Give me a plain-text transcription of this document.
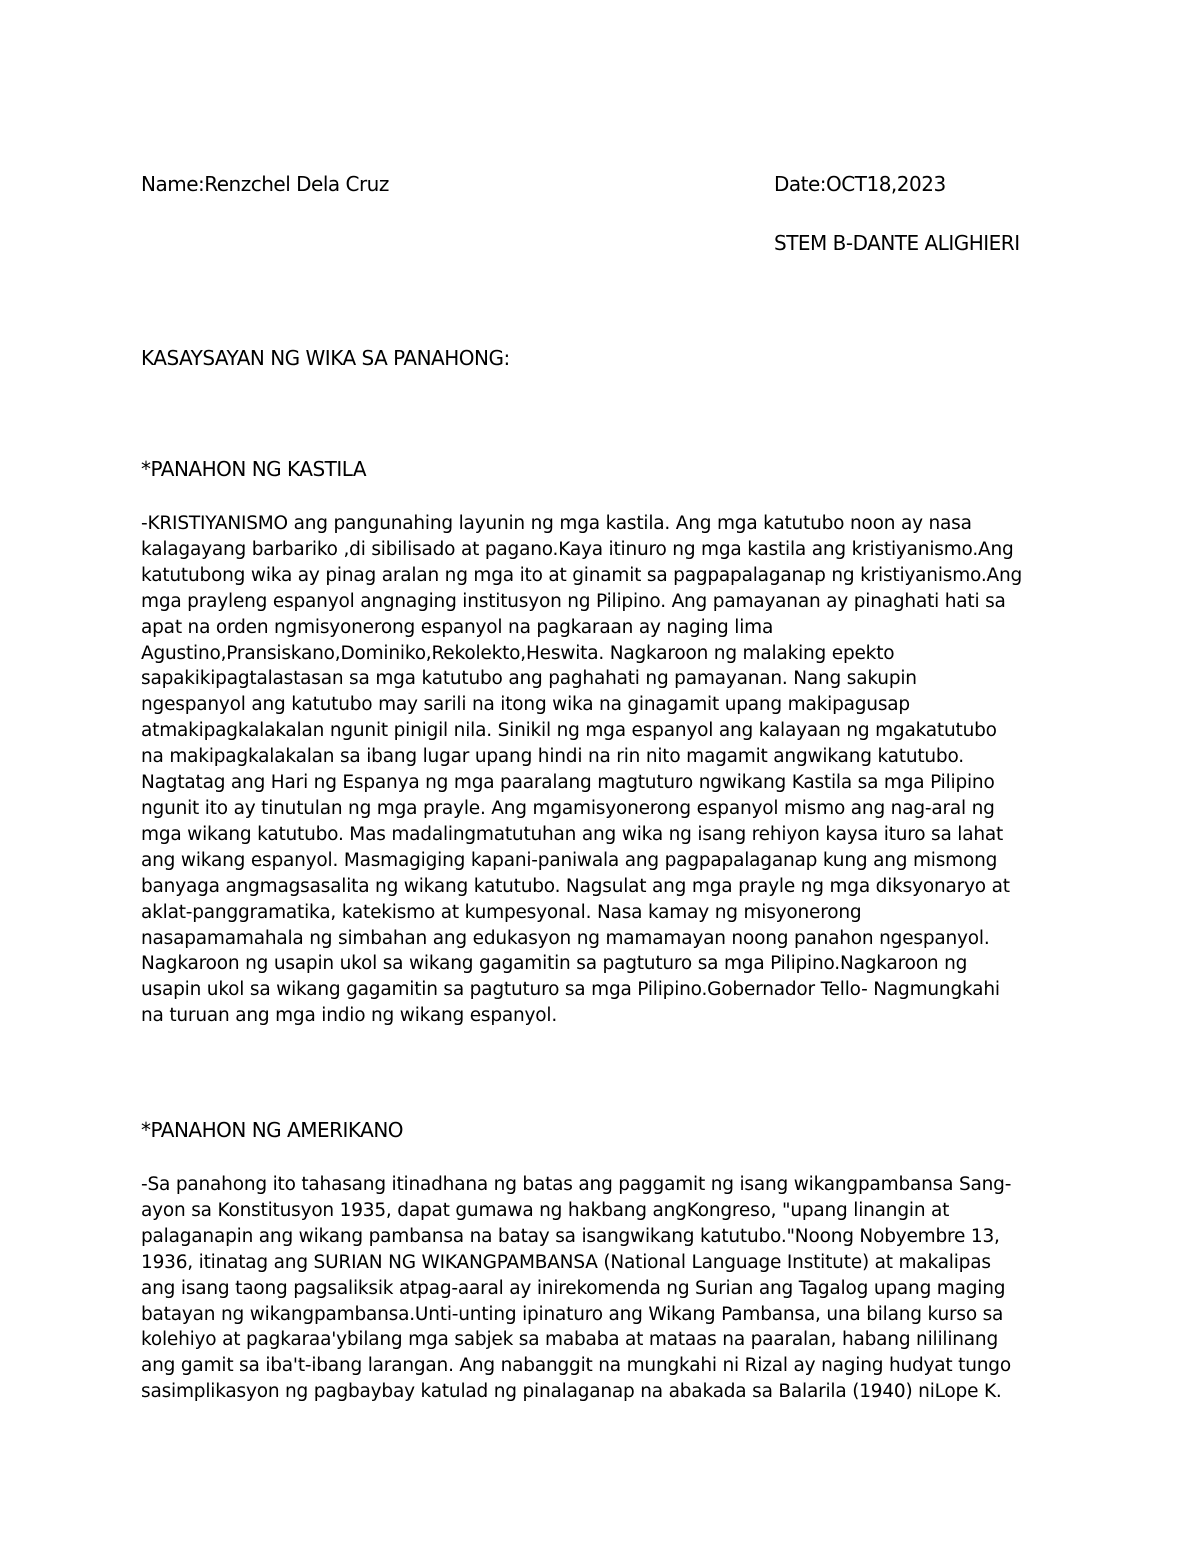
Name:Renzchel Dela Cruz	Date:OCT18,2023
STEM B-DANTE ALIGHIERI
KASAYSAYAN NG WIKA SA PANAHONG:
*PANAHON NG KASTILA
-KRISTIYANISMO ang pangunahing layunin ng mga kastila. Ang mga katutubo noon ay nasa
kalagayang barbariko ,di sibilisado at pagano.Kaya itinuro ng mga kastila ang kristiyanismo.Ang
katutubong wika ay pinag aralan ng mga ito at ginamit sa pagpapalaganap ng kristiyanismo.Ang
mga prayleng espanyol angnaging institusyon ng Pilipino. Ang pamayanan ay pinaghati hati sa
apat na orden ngmisyonerong espanyol na pagkaraan ay naging lima
Agustino,Pransiskano,Dominiko,Rekolekto,Heswita. Nagkaroon ng malaking epekto
sapakikipagtalastasan sa mga katutubo ang paghahati ng pamayanan. Nang sakupin
ngespanyol ang katutubo may sarili na itong wika na ginagamit upang makipagusap
atmakipagkalakalan ngunit pinigil nila. Sinikil ng mga espanyol ang kalayaan ng mgakatutubo
na makipagkalakalan sa ibang lugar upang hindi na rin nito magamit angwikang katutubo.
Nagtatag ang Hari ng Espanya ng mga paaralang magtuturo ngwikang Kastila sa mga Pilipino
ngunit ito ay tinutulan ng mga prayle. Ang mgamisyonerong espanyol mismo ang nag-aral ng
mga wikang katutubo. Mas madalingmatutuhan ang wika ng isang rehiyon kaysa ituro sa lahat
ang wikang espanyol. Masmagiging kapani-paniwala ang pagpapalaganap kung ang mismong
banyaga angmagsasalita ng wikang katutubo. Nagsulat ang mga prayle ng mga diksyonaryo at
aklat-panggramatika, katekismo at kumpesyonal. Nasa kamay ng misyonerong
nasapamamahala ng simbahan ang edukasyon ng mamamayan noong panahon ngespanyol.
Nagkaroon ng usapin ukol sa wikang gagamitin sa pagtuturo sa mga Pilipino.Nagkaroon ng
usapin ukol sa wikang gagamitin sa pagtuturo sa mga Pilipino.Gobernador Tello- Nagmungkahi
na turuan ang mga indio ng wikang espanyol.
*PANAHON NG AMERIKANO
-Sa panahong ito tahasang itinadhana ng batas ang paggamit ng isang wikangpambansa Sang-
ayon sa Konstitusyon 1935, dapat gumawa ng hakbang angKongreso, "upang linangin at
palaganapin ang wikang pambansa na batay sa isangwikang katutubo."Noong Nobyembre 13,
1936, itinatag ang SURIAN NG WIKANGPAMBANSA (National Language Institute) at makalipas
ang isang taong pagsaliksik atpag-aaral ay inirekomenda ng Surian ang Tagalog upang maging
batayan ng wikangpambansa.Unti-unting ipinaturo ang Wikang Pambansa, una bilang kurso sa
kolehiyo at pagkaraa'ybilang mga sabjek sa mababa at mataas na paaralan, habang nililinang
ang gamit sa iba't-ibang larangan. Ang nabanggit na mungkahi ni Rizal ay naging hudyat tungo
sasimplikasyon ng pagbaybay katulad ng pinalaganap na abakada sa Balarila (1940) niLope K.
